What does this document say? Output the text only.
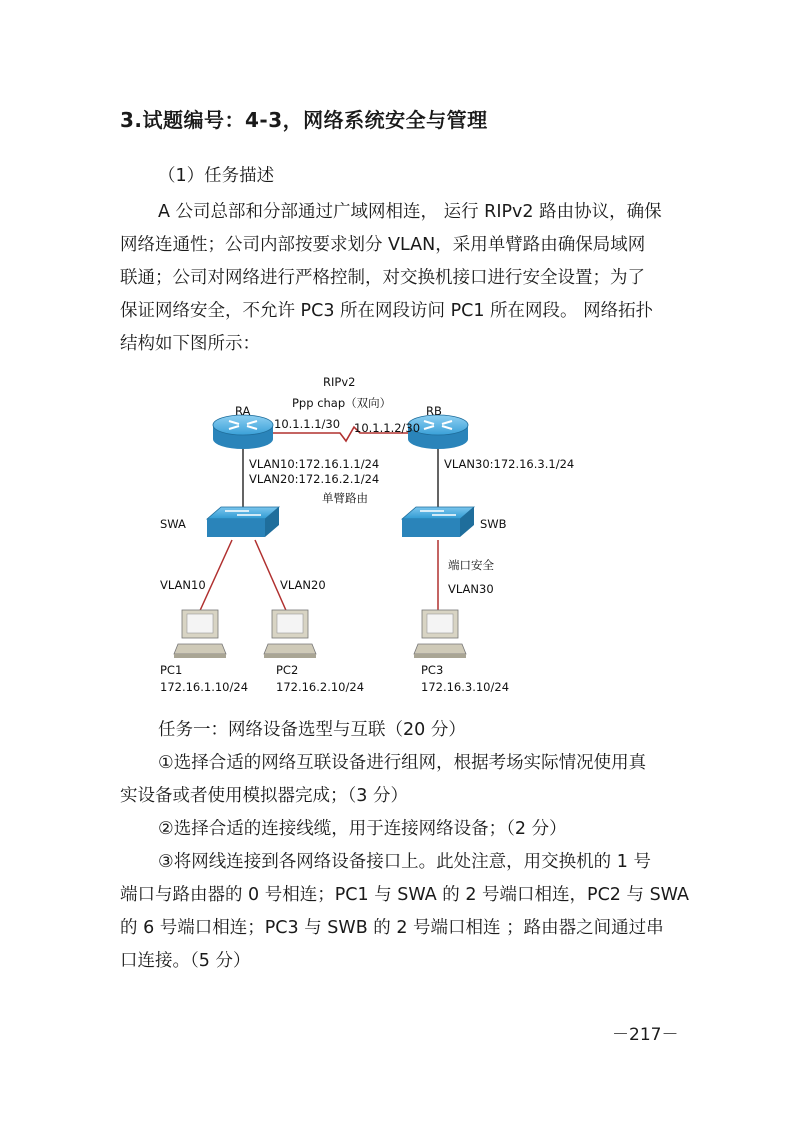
3.试题编号：4-3，网络系统安全与管理
（1）任务描述
A 公司总部和分部通过广域网相连， 运行 RIPv2 路由协议，确保
网络连通性；公司内部按要求划分 VLAN，采用单臂路由确保局域网
联通；公司对网络进行严格控制，对交换机接口进行安全设置；为了
保证网络安全，不允许 PC3 所在网段访问 PC1 所在网段。 网络拓扑
结构如下图所示：
RIPv2
Ppp chap（双向）
RA	RB
10.1.1.1/30 10.1.1.2/30
VLAN10:172.16.1.1/24
VLAN20:172.16.2.1/24
VLAN30:172.16.3.1/24
单臂路由
SWA	SWB
端口安全
VLAN10	VLAN20	VLAN30
PC1
172.16.1.10/24
PC2
172.16.2.10/24
PC3
172.16.3.10/24
任务一：网络设备选型与互联（20 分）
①选择合适的网络互联设备进行组网，根据考场实际情况使用真
实设备或者使用模拟器完成；（3 分）
②选择合适的连接线缆，用于连接网络设备；（2 分）
③将网线连接到各网络设备接口上。此处注意，用交换机的 1 号
端口与路由器的 0 号相连；PC1 与 SWA 的 2 号端口相连，PC2 与 SWA
的 6 号端口相连；PC3 与 SWB 的 2 号端口相连 ；路由器之间通过串
口连接。（5 分）
－217－
